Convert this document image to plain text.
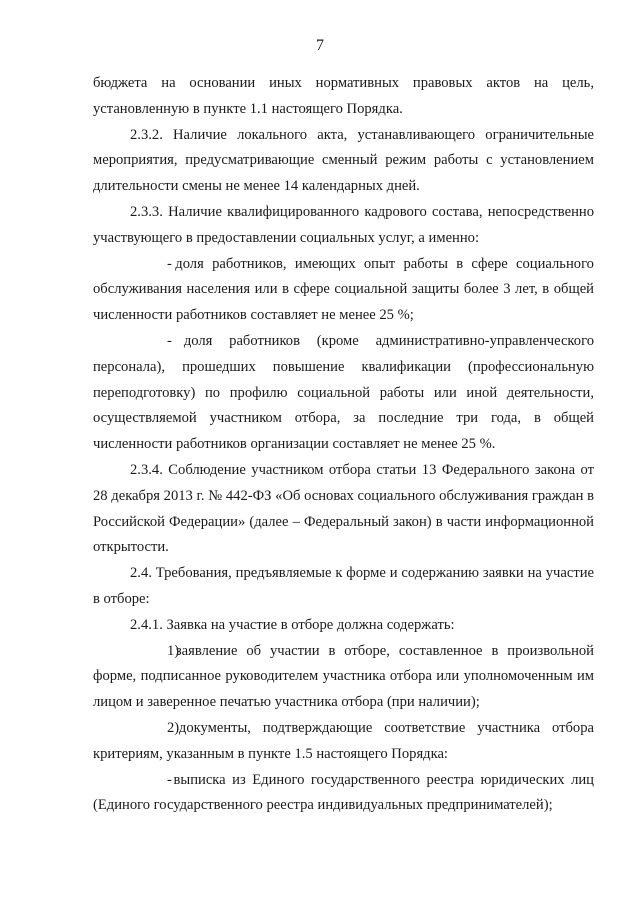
7

бюджета на основании иных нормативных правовых актов на цель, установленную в пункте 1.1 настоящего Порядка.

2.3.2. Наличие локального акта, устанавливающего ограничительные мероприятия, предусматривающие сменный режим работы с установлением длительности смены не менее 14 календарных дней.

2.3.3. Наличие квалифицированного кадрового состава, непосредственно участвующего в предоставлении социальных услуг, а именно:

- доля работников, имеющих опыт работы в сфере социального обслуживания населения или в сфере социальной защиты более 3 лет, в общей численности работников составляет не менее 25 %;

- доля работников (кроме административно-управленческого персонала), прошедших повышение квалификации (профессиональную переподготовку) по профилю социальной работы или иной деятельности, осуществляемой участником отбора, за последние три года, в общей численности работников организации составляет не менее 25 %.

2.3.4. Соблюдение участником отбора статьи 13 Федерального закона от 28 декабря 2013 г. № 442-ФЗ «Об основах социального обслуживания граждан в Российской Федерации» (далее – Федеральный закон) в части информационной открытости.

2.4. Требования, предъявляемые к форме и содержанию заявки на участие в отборе:

2.4.1. Заявка на участие в отборе должна содержать:

1) заявление об участии в отборе, составленное в произвольной форме, подписанное руководителем участника отбора или уполномоченным им лицом и заверенное печатью участника отбора (при наличии);

2) документы, подтверждающие соответствие участника отбора критериям, указанным в пункте 1.5 настоящего Порядка:

- выписка из Единого государственного реестра юридических лиц (Единого государственного реестра индивидуальных предпринимателей);
